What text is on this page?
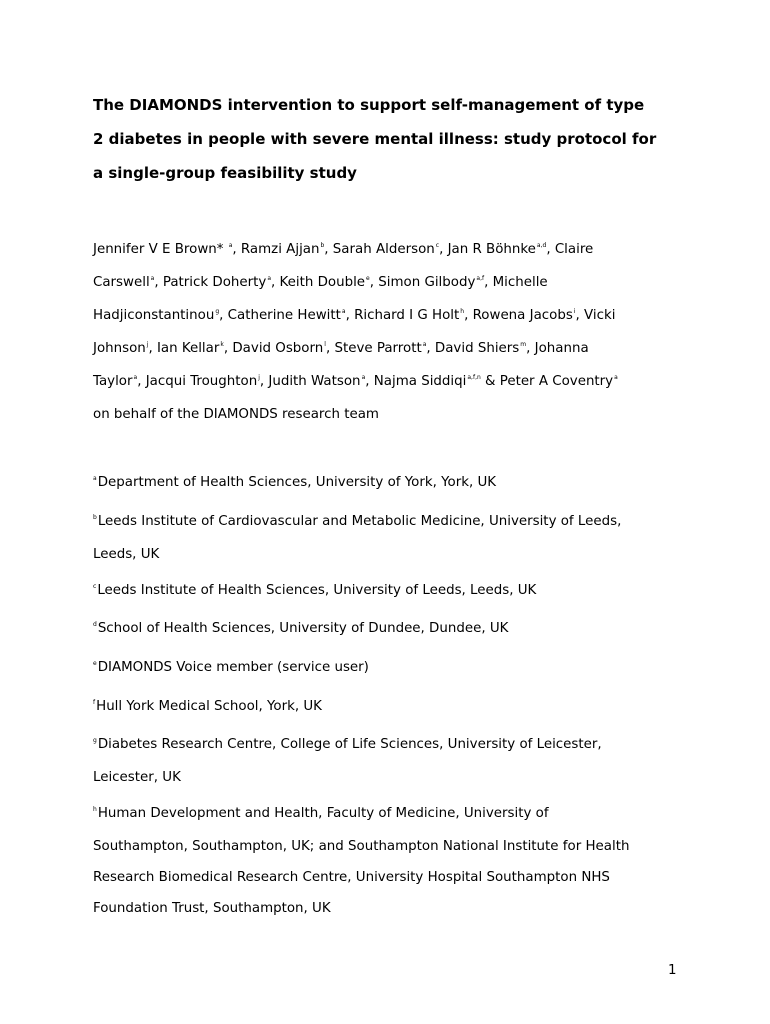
The DIAMONDS intervention to support self-management of type
2 diabetes in people with severe mental illness: study protocol for
a single-group feasibility study
Jennifer V E Brown* $^a$, Ramzi Ajjan$^b$, Sarah Alderson$^c$, Jan R Böhnke$^{a,d}$, Claire
Carswell$^a$, Patrick Doherty$^a$, Keith Double$^e$, Simon Gilbody$^{a,f}$, Michelle
Hadjiconstantinou$^g$, Catherine Hewitt$^a$, Richard I G Holt$^h$, Rowena Jacobs$^i$, Vicki
Johnson$^j$, Ian Kellar$^k$, David Osborn$^l$, Steve Parrott$^a$, David Shiers$^m$, Johanna
Taylor$^a$, Jacqui Troughton$^j$, Judith Watson$^a$, Najma Siddiqi$^{a,f,n}$ & Peter A Coventry$^a$
on behalf of the DIAMONDS research team
$^a$Department of Health Sciences, University of York, York, UK
$^b$Leeds Institute of Cardiovascular and Metabolic Medicine, University of Leeds,
Leeds, UK
$^c$Leeds Institute of Health Sciences, University of Leeds, Leeds, UK
$^d$School of Health Sciences, University of Dundee, Dundee, UK
$^e$DIAMONDS Voice member (service user)
$^f$Hull York Medical School, York, UK
$^g$Diabetes Research Centre, College of Life Sciences, University of Leicester,
Leicester, UK
$^h$Human Development and Health, Faculty of Medicine, University of
Southampton, Southampton, UK; and Southampton National Institute for Health
Research Biomedical Research Centre, University Hospital Southampton NHS
Foundation Trust, Southampton, UK
1
